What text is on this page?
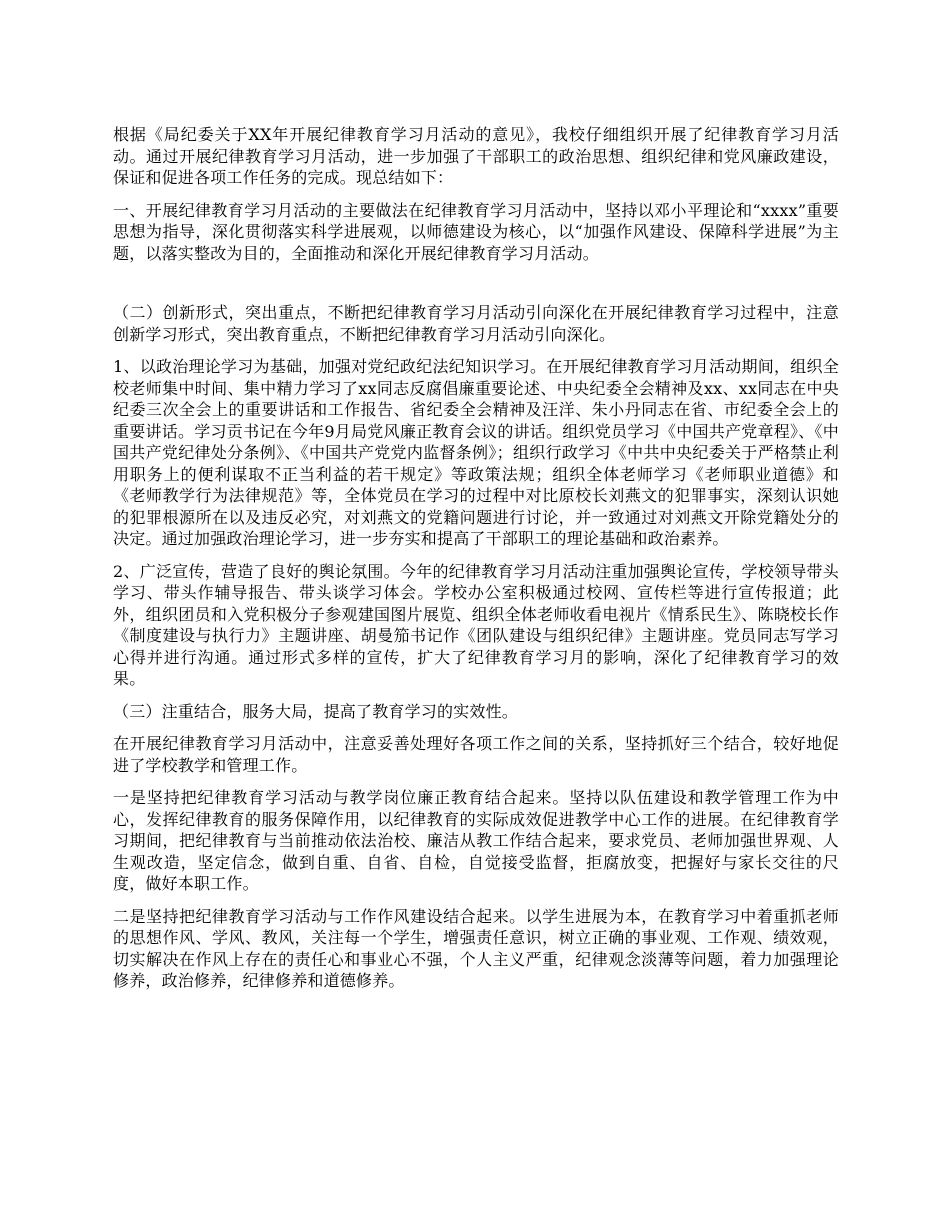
根据《局纪委关于XX年开展纪律教育学习月活动的意见》，我校仔细组织开展了纪律教育学习月活动。通过开展纪律教育学习月活动，进一步加强了干部职工的政治思想、组织纪律和党风廉政建设，保证和促进各项工作任务的完成。现总结如下：

一、开展纪律教育学习月活动的主要做法在纪律教育学习月活动中，坚持以邓小平理论和“xxxx”重要思想为指导，深化贯彻落实科学进展观，以师德建设为核心，以“加强作风建设、保障科学进展”为主题，以落实整改为目的，全面推动和深化开展纪律教育学习月活动。

（二）创新形式，突出重点，不断把纪律教育学习月活动引向深化在开展纪律教育学习过程中，注意创新学习形式，突出教育重点，不断把纪律教育学习月活动引向深化。

1、以政治理论学习为基础，加强对党纪政纪法纪知识学习。在开展纪律教育学习月活动期间，组织全校老师集中时间、集中精力学习了xx同志反腐倡廉重要论述、中央纪委全会精神及xx、xx同志在中央纪委三次全会上的重要讲话和工作报告、省纪委全会精神及汪洋、朱小丹同志在省、市纪委全会上的重要讲话。学习贡书记在今年9月局党风廉正教育会议的讲话。组织党员学习《中国共产党章程》、《中国共产党纪律处分条例》、《中国共产党党内监督条例》；组织行政学习《中共中央纪委关于严格禁止利用职务上的便利谋取不正当利益的若干规定》等政策法规；组织全体老师学习《老师职业道德》和《老师教学行为法律规范》等，全体党员在学习的过程中对比原校长刘燕文的犯罪事实，深刻认识她的犯罪根源所在以及违反必究，对刘燕文的党籍问题进行讨论，并一致通过对刘燕文开除党籍处分的决定。通过加强政治理论学习，进一步夯实和提高了干部职工的理论基础和政治素养。

2、广泛宣传，营造了良好的舆论氛围。今年的纪律教育学习月活动注重加强舆论宣传，学校领导带头学习、带头作辅导报告、带头谈学习体会。学校办公室积极通过校网、宣传栏等进行宣传报道；此外，组织团员和入党积极分子参观建国图片展览、组织全体老师收看电视片《情系民生》、陈晓校长作《制度建设与执行力》主题讲座、胡曼笳书记作《团队建设与组织纪律》主题讲座。党员同志写学习心得并进行沟通。通过形式多样的宣传，扩大了纪律教育学习月的影响，深化了纪律教育学习的效果。

（三）注重结合，服务大局，提高了教育学习的实效性。

在开展纪律教育学习月活动中，注意妥善处理好各项工作之间的关系，坚持抓好三个结合，较好地促进了学校教学和管理工作。

一是坚持把纪律教育学习活动与教学岗位廉正教育结合起来。坚持以队伍建设和教学管理工作为中心，发挥纪律教育的服务保障作用，以纪律教育的实际成效促进教学中心工作的进展。在纪律教育学习期间，把纪律教育与当前推动依法治校、廉洁从教工作结合起来，要求党员、老师加强世界观、人生观改造，坚定信念，做到自重、自省、自检，自觉接受监督，拒腐放变，把握好与家长交往的尺度，做好本职工作。

二是坚持把纪律教育学习活动与工作作风建设结合起来。以学生进展为本，在教育学习中着重抓老师的思想作风、学风、教风，关注每一个学生，增强责任意识，树立正确的事业观、工作观、绩效观，切实解决在作风上存在的责任心和事业心不强，个人主义严重，纪律观念淡薄等问题，着力加强理论修养，政治修养，纪律修养和道德修养。
